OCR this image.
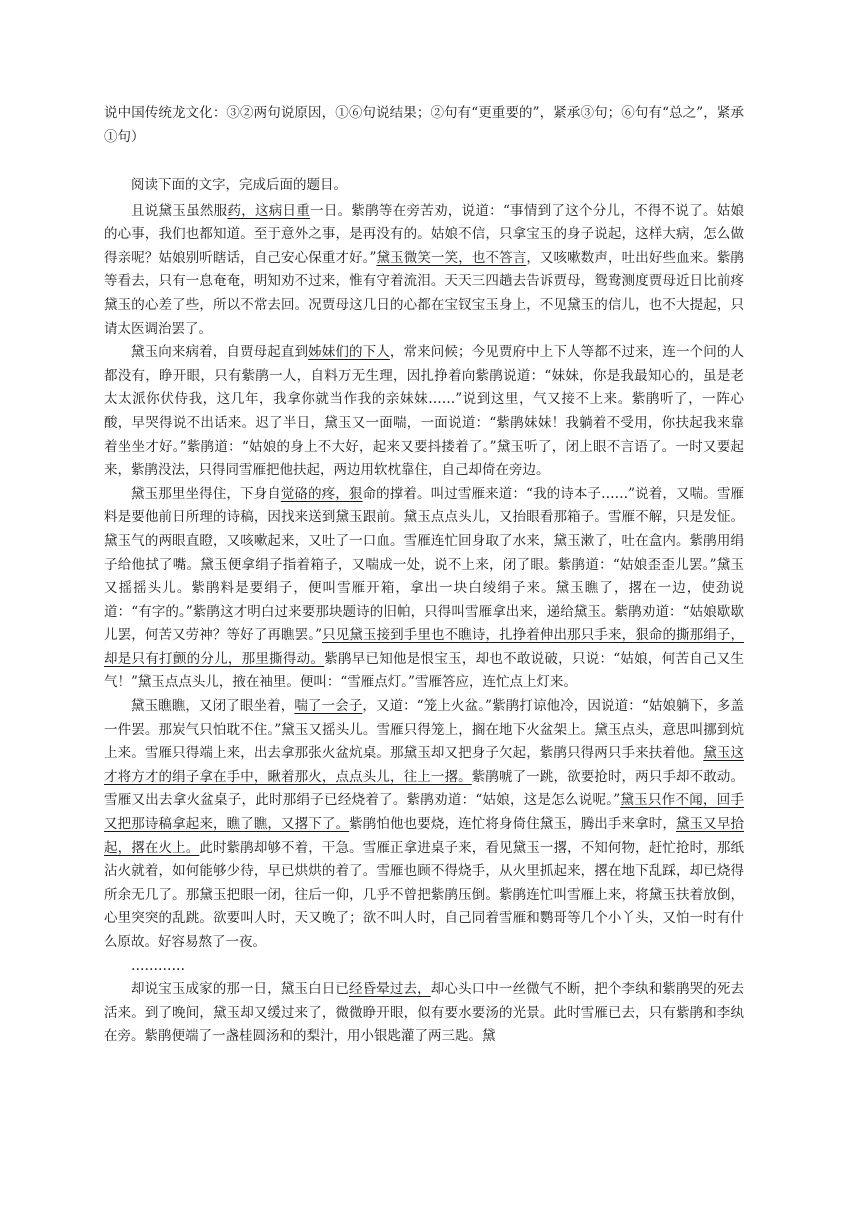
说中国传统龙文化：③②两句说原因，①⑥句说结果；②句有“更重要的”，紧承③句；⑥句有“总之”，紧承①句）

阅读下面的文字，完成后面的题目。

且说黛玉虽然服药，这病日重一日。紫鹃等在旁苦劝，说道：“事情到了这个分儿，不得不说了。姑娘的心事，我们也都知道。至于意外之事，是再没有的。姑娘不信，只拿宝玉的身子说起，这样大病，怎么做得亲呢？姑娘别听瞎话，自己安心保重才好。”黛玉微笑一笑，也不答言，又咳嗽数声，吐出好些血来。紫鹃等看去，只有一息奄奄，明知劝不过来，惟有守着流泪。天天三四趟去告诉贾母，鸳鸯测度贾母近日比前疼黛玉的心差了些，所以不常去回。况贾母这几日的心都在宝钗宝玉身上，不见黛玉的信儿，也不大提起，只请太医调治罢了。

黛玉向来病着，自贾母起直到姊妹们的下人，常来问候；今见贾府中上下人等都不过来，连一个问的人都没有，睁开眼，只有紫鹃一人，自料万无生理，因扎挣着向紫鹃说道：“妹妹，你是我最知心的，虽是老太太派你伏侍我，这几年，我拿你就当作我的亲妹妹……”说到这里，气又接不上来。紫鹃听了，一阵心酸，早哭得说不出话来。迟了半日，黛玉又一面喘，一面说道：“紫鹃妹妹！我躺着不受用，你扶起我来靠着坐坐才好。”紫鹃道：“姑娘的身上不大好，起来又要抖搂着了。”黛玉听了，闭上眼不言语了。一时又要起来，紫鹃没法，只得同雪雁把他扶起，两边用软枕靠住，自己却倚在旁边。

黛玉那里坐得住，下身自觉硌的疼，狠命的撑着。叫过雪雁来道：“我的诗本子……”说着，又喘。雪雁料是要他前日所理的诗稿，因找来送到黛玉跟前。黛玉点点头儿，又抬眼看那箱子。雪雁不解，只是发怔。黛玉气的两眼直瞪，又咳嗽起来，又吐了一口血。雪雁连忙回身取了水来，黛玉漱了，吐在盒内。紫鹃用绢子给他拭了嘴。黛玉便拿绢子指着箱子，又喘成一处，说不上来，闭了眼。紫鹃道：“姑娘歪歪儿罢。”黛玉又摇摇头儿。紫鹃料是要绢子，便叫雪雁开箱，拿出一块白绫绢子来。黛玉瞧了，撂在一边，使劲说道：“有字的。”紫鹃这才明白过来要那块题诗的旧帕，只得叫雪雁拿出来，递给黛玉。紫鹃劝道：“姑娘歇歇儿罢，何苦又劳神？等好了再瞧罢。”只见黛玉接到手里也不瞧诗，扎挣着伸出那只手来，狠命的撕那绢子，却是只有打颤的分儿，那里撕得动。紫鹃早已知他是恨宝玉，却也不敢说破，只说：“姑娘，何苦自己又生气！”黛玉点点头儿，掖在袖里。便叫：“雪雁点灯。”雪雁答应，连忙点上灯来。

黛玉瞧瞧，又闭了眼坐着，喘了一会子，又道：“笼上火盆。”紫鹃打谅他冷，因说道：“姑娘躺下，多盖一件罢。那炭气只怕耽不住。”黛玉又摇头儿。雪雁只得笼上，搁在地下火盆架上。黛玉点头，意思叫挪到炕上来。雪雁只得端上来，出去拿那张火盆炕桌。那黛玉却又把身子欠起，紫鹃只得两只手来扶着他。黛玉这才将方才的绢子拿在手中，瞅着那火，点点头儿，往上一撂。紫鹃唬了一跳，欲要抢时，两只手却不敢动。雪雁又出去拿火盆桌子，此时那绢子已经烧着了。紫鹃劝道：“姑娘，这是怎么说呢。”黛玉只作不闻，回手又把那诗稿拿起来，瞧了瞧，又撂下了。紫鹃怕他也要烧，连忙将身倚住黛玉，腾出手来拿时，黛玉又早拾起，撂在火上。此时紫鹃却够不着，干急。雪雁正拿进桌子来，看见黛玉一撂，不知何物，赶忙抢时，那纸沾火就着，如何能够少待，早已烘烘的着了。雪雁也顾不得烧手，从火里抓起来，撂在地下乱踩，却已烧得所余无几了。那黛玉把眼一闭，往后一仰，几乎不曾把紫鹃压倒。紫鹃连忙叫雪雁上来，将黛玉扶着放倒，心里突突的乱跳。欲要叫人时，天又晚了；欲不叫人时，自己同着雪雁和鹦哥等几个小丫头，又怕一时有什么原故。好容易熬了一夜。

…………

却说宝玉成家的那一日，黛玉白日已经昏晕过去，却心头口中一丝微气不断，把个李纨和紫鹃哭的死去活来。到了晚间，黛玉却又缓过来了，微微睁开眼，似有要水要汤的光景。此时雪雁已去，只有紫鹃和李纨在旁。紫鹃便端了一盏桂圆汤和的梨汁，用小银匙灌了两三匙。黛
